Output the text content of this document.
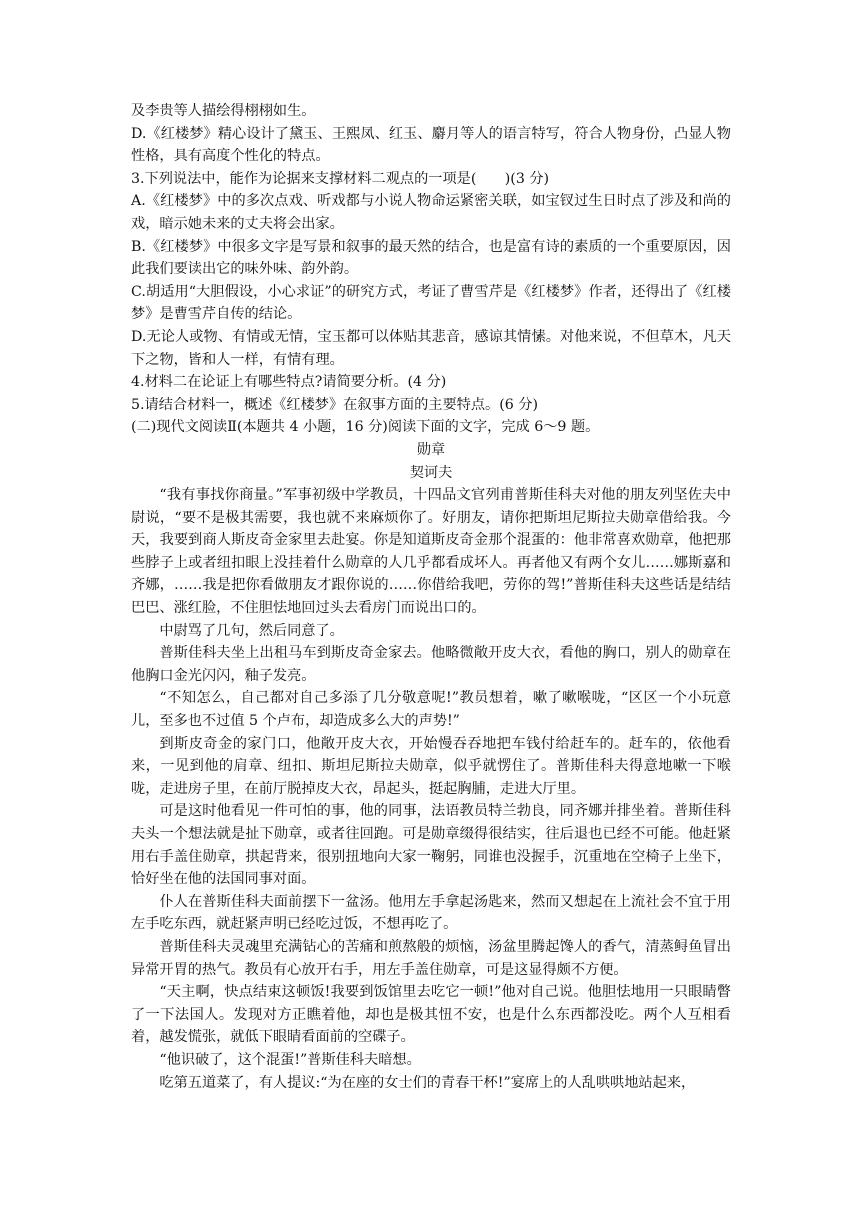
及李贵等人描绘得栩栩如生。

D.《红楼梦》精心设计了黛玉、王熙凤、红玉、麝月等人的语言特写，符合人物身份，凸显人物性格，具有高度个性化的特点。

3.下列说法中，能作为论据来支撑材料二观点的一项是(　　)(3 分)

A.《红楼梦》中的多次点戏、听戏都与小说人物命运紧密关联，如宝钗过生日时点了涉及和尚的戏，暗示她未来的丈夫将会出家。

B.《红楼梦》中很多文字是写景和叙事的最天然的结合，也是富有诗的素质的一个重要原因，因此我们要读出它的味外味、韵外韵。

C.胡适用“大胆假设，小心求证”的研究方式，考证了曹雪芹是《红楼梦》作者，还得出了《红楼梦》是曹雪芹自传的结论。

D.无论人或物、有情或无情，宝玉都可以体贴其悲音，感谅其情愫。对他来说，不但草木，凡天下之物，皆和人一样，有情有理。

4.材料二在论证上有哪些特点?请简要分析。(4 分)

5.请结合材料一，概述《红楼梦》在叙事方面的主要特点。(6 分)

(二)现代文阅读Ⅱ(本题共 4 小题，16 分)阅读下面的文字，完成 6～9 题。

勋章

契诃夫

“我有事找你商量。”军事初级中学教员，十四品文官列甫普斯佳科夫对他的朋友列坚佐夫中尉说，“要不是极其需要，我也就不来麻烦你了。好朋友，请你把斯坦尼斯拉夫勋章借给我。今天，我要到商人斯皮奇金家里去赴宴。你是知道斯皮奇金那个混蛋的：他非常喜欢勋章，他把那些脖子上或者纽扣眼上没挂着什么勋章的人几乎都看成坏人。再者他又有两个女儿……娜斯嘉和齐娜，……我是把你看做朋友才跟你说的……你借给我吧，劳你的驾!”普斯佳科夫这些话是结结巴巴、涨红脸，不住胆怯地回过头去看房门而说出口的。

中尉骂了几句，然后同意了。

普斯佳科夫坐上出租马车到斯皮奇金家去。他略微敞开皮大衣，看他的胸口，别人的勋章在他胸口金光闪闪，釉子发亮。

“不知怎么，自己都对自己多添了几分敬意呢!”教员想着，嗽了嗽喉咙，“区区一个小玩意儿，至多也不过值 5 个卢布，却造成多么大的声势!”

到斯皮奇金的家门口，他敞开皮大衣，开始慢吞吞地把车钱付给赶车的。赶车的，依他看来，一见到他的肩章、纽扣、斯坦尼斯拉夫勋章，似乎就愣住了。普斯佳科夫得意地嗽一下喉咙，走进房子里，在前厅脱掉皮大衣，昂起头，挺起胸脯，走进大厅里。

可是这时他看见一件可怕的事，他的同事，法语教员特兰勃良，同齐娜并排坐着。普斯佳科夫头一个想法就是扯下勋章，或者往回跑。可是勋章缀得很结实，往后退也已经不可能。他赶紧用右手盖住勋章，拱起背来，很别扭地向大家一鞠躬，同谁也没握手，沉重地在空椅子上坐下，恰好坐在他的法国同事对面。

仆人在普斯佳科夫面前摆下一盆汤。他用左手拿起汤匙来，然而又想起在上流社会不宜于用左手吃东西，就赶紧声明已经吃过饭，不想再吃了。

普斯佳科夫灵魂里充满钻心的苦痛和煎熬般的烦恼，汤盆里腾起馋人的香气，清蒸鲟鱼冒出异常开胃的热气。教员有心放开右手，用左手盖住勋章，可是这显得颇不方便。

“天主啊，快点结束这顿饭!我要到饭馆里去吃它一顿!”他对自己说。他胆怯地用一只眼睛瞥了一下法国人。发现对方正瞧着他，却也是极其忸不安，也是什么东西都没吃。两个人互相看着，越发慌张，就低下眼睛看面前的空碟子。

“他识破了，这个混蛋!”普斯佳科夫暗想。

吃第五道菜了，有人提议:“为在座的女士们的青春干杯!”宴席上的人乱哄哄地站起来，
